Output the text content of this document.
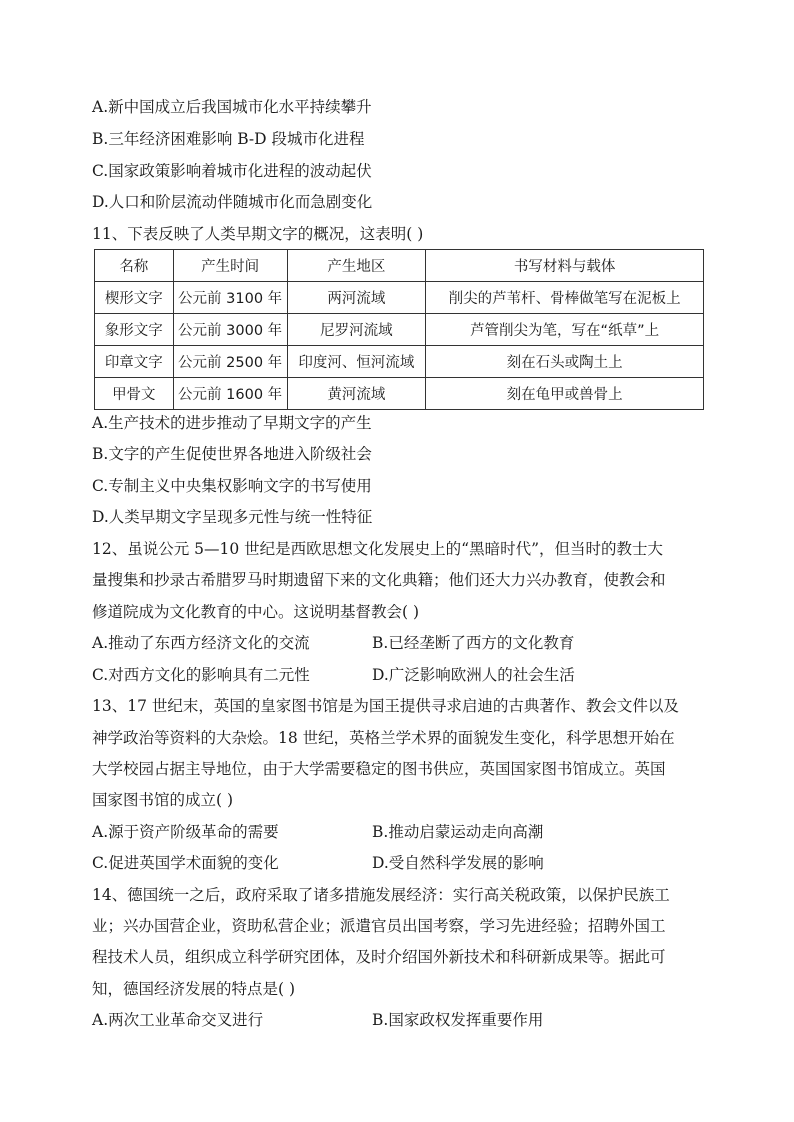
A.新中国成立后我国城市化水平持续攀升
B.三年经济困难影响 B-D 段城市化进程
C.国家政策影响着城市化进程的波动起伏
D.人口和阶层流动伴随城市化而急剧变化
11、下表反映了人类早期文字的概况，这表明( )
名称	产生时间	产生地区	书写材料与载体
楔形文字	公元前 3100 年	两河流域	削尖的芦苇杆、骨棒做笔写在泥板上
象形文字	公元前 3000 年	尼罗河流域	芦管削尖为笔，写在“纸草”上
印章文字	公元前 2500 年	印度河、恒河流域	刻在石头或陶土上
甲骨文	公元前 1600 年	黄河流域	刻在龟甲或兽骨上
A.生产技术的进步推动了早期文字的产生
B.文字的产生促使世界各地进入阶级社会
C.专制主义中央集权影响文字的书写使用
D.人类早期文字呈现多元性与统一性特征
12、虽说公元 5—10 世纪是西欧思想文化发展史上的“黑暗时代”，但当时的教士大
量搜集和抄录古希腊罗马时期遗留下来的文化典籍；他们还大力兴办教育，使教会和
修道院成为文化教育的中心。这说明基督教会( )
A.推动了东西方经济文化的交流	B.已经垄断了西方的文化教育
C.对西方文化的影响具有二元性	D.广泛影响欧洲人的社会生活
13、17 世纪末，英国的皇家图书馆是为国王提供寻求启迪的古典著作、教会文件以及
神学政治等资料的大杂烩。18 世纪，英格兰学术界的面貌发生变化，科学思想开始在
大学校园占据主导地位，由于大学需要稳定的图书供应，英国国家图书馆成立。英国
国家图书馆的成立( )
A.源于资产阶级革命的需要	B.推动启蒙运动走向高潮
C.促进英国学术面貌的变化	D.受自然科学发展的影响
14、德国统一之后，政府采取了诸多措施发展经济：实行高关税政策，以保护民族工
业；兴办国营企业，资助私营企业；派遣官员出国考察，学习先进经验；招聘外国工
程技术人员，组织成立科学研究团体，及时介绍国外新技术和科研新成果等。据此可
知，德国经济发展的特点是( )
A.两次工业革命交叉进行	B.国家政权发挥重要作用
